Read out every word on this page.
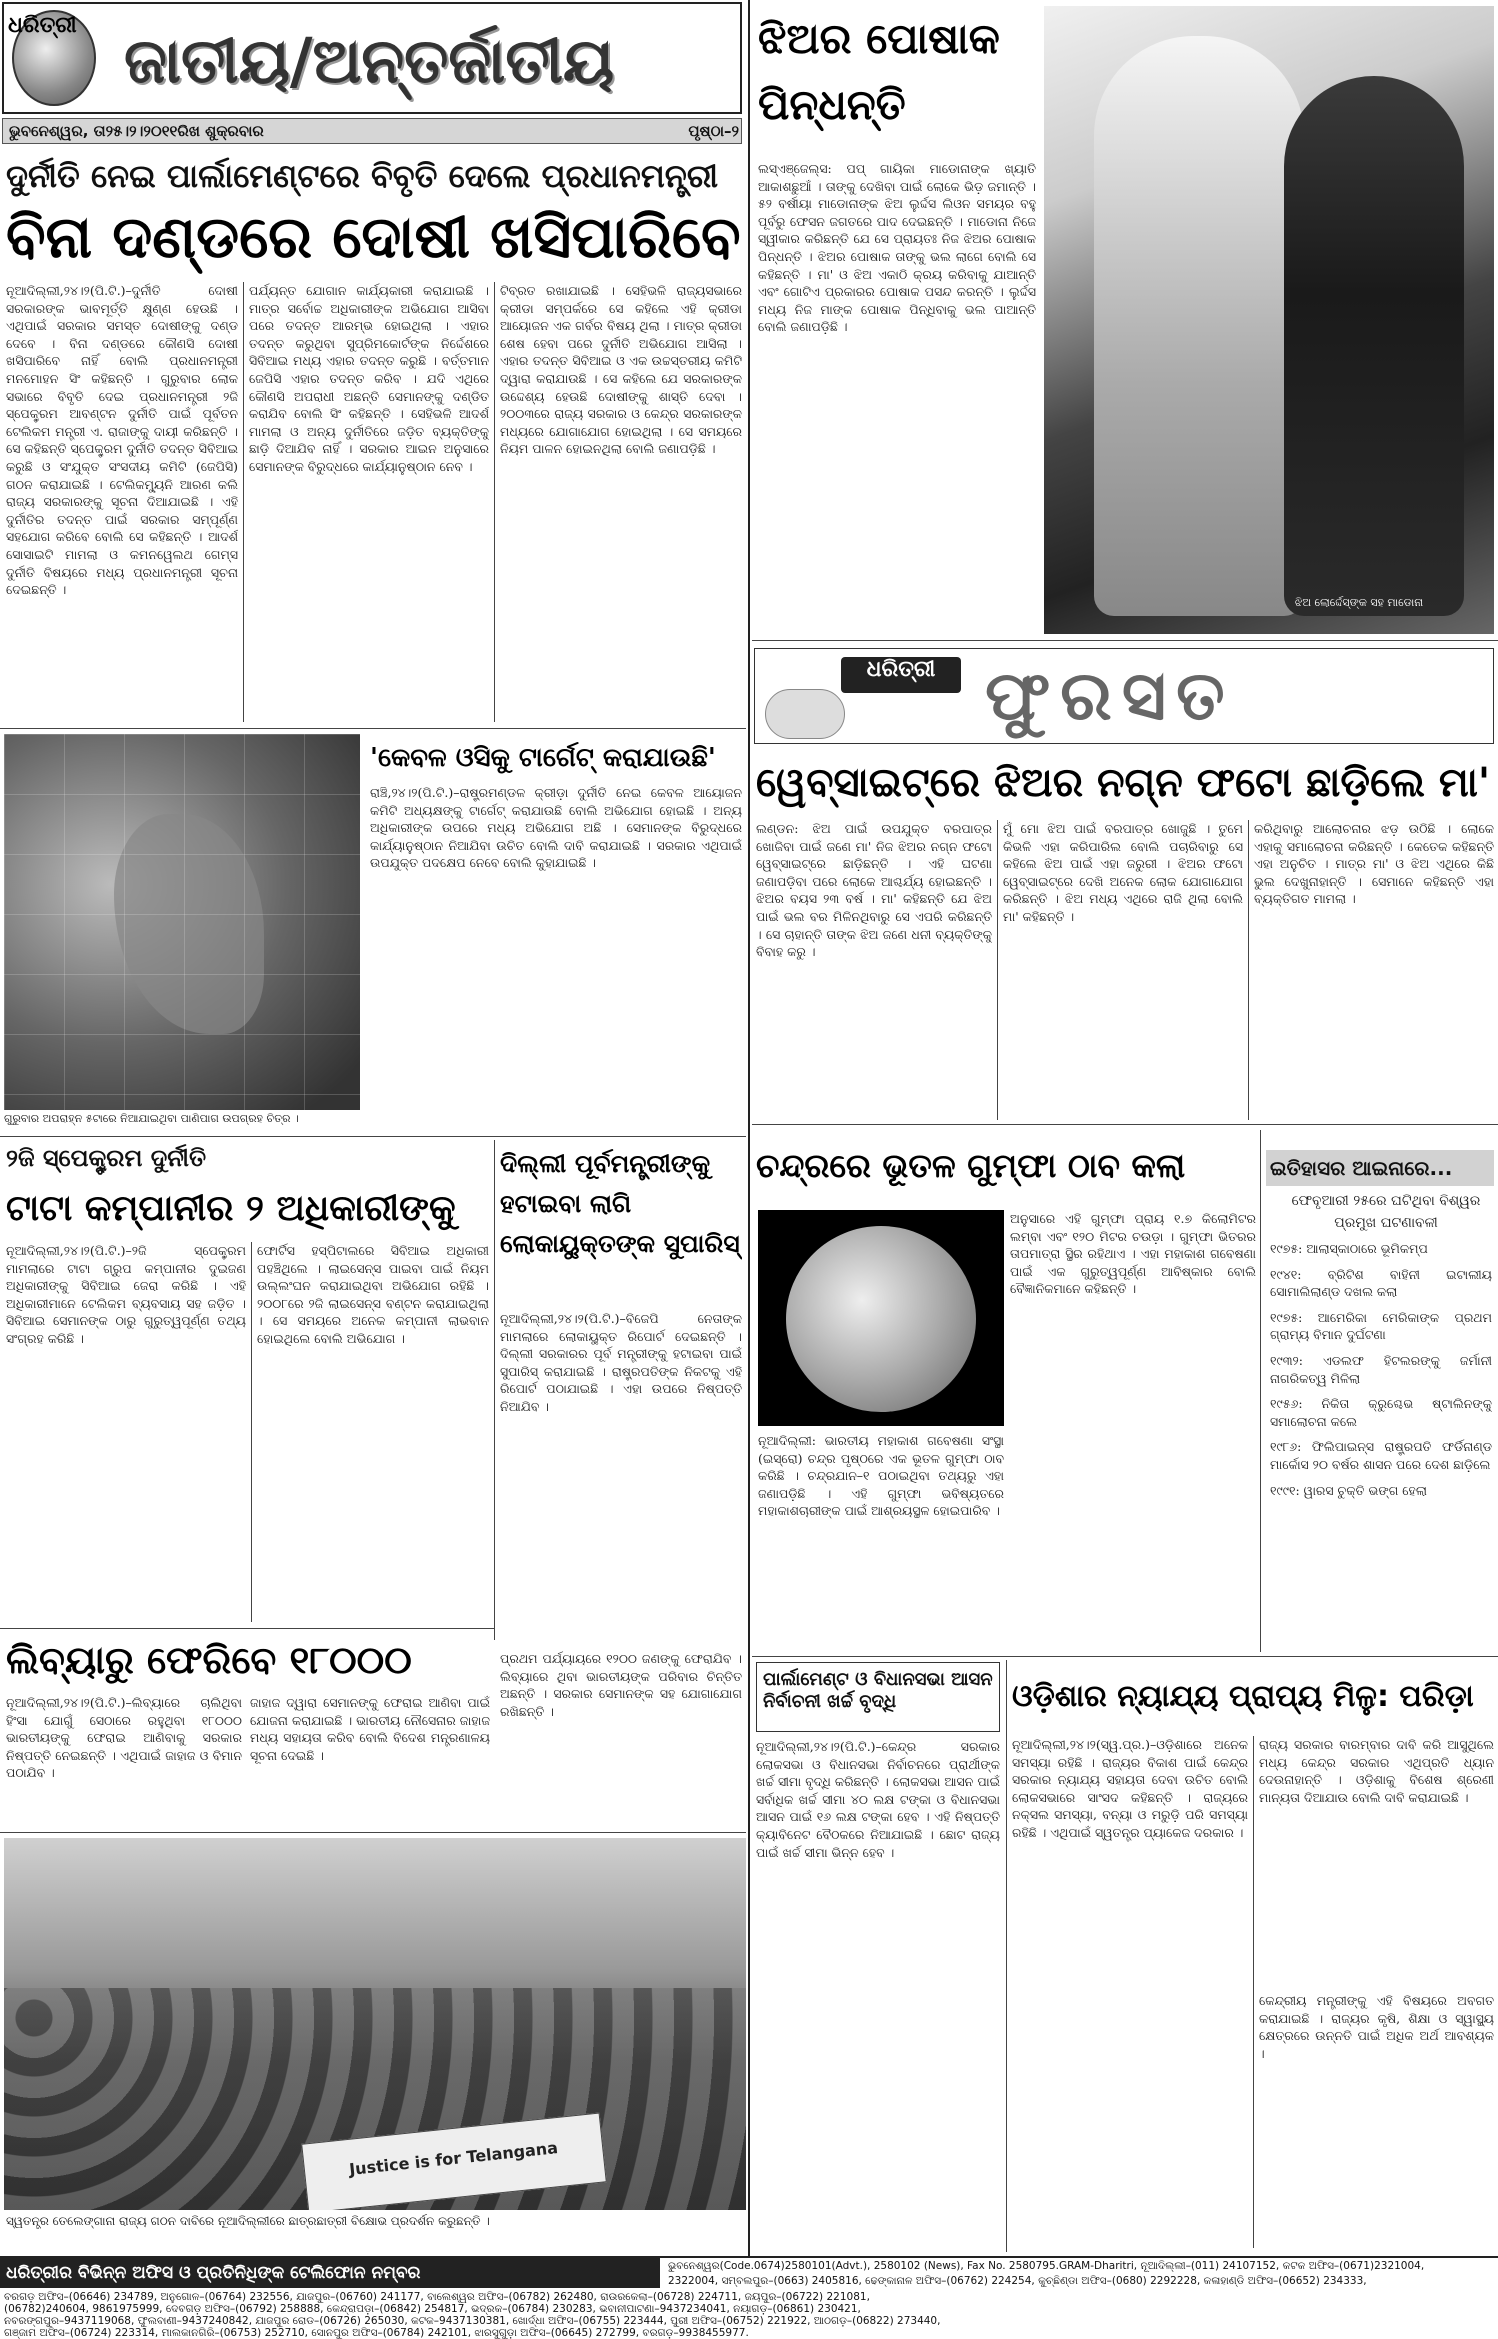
ଧରିତ୍ରୀ ଜାତୀୟ/ଅନ୍ତର୍ଜାତୀୟ
ଭୁବନେଶ୍ୱର, ତା୨୫।୨।୨୦୧୧ରିଖ ଶୁକ୍ରବାର	ପୃଷ୍ଠା–୨
ଦୁର୍ନୀତି ନେଇ ପାର୍ଲାମେଣ୍ଟରେ ବିବୃତି ଦେଲେ ପ୍ରଧାନମନ୍ତ୍ରୀ
ବିନା ଦଣ୍ଡରେ ଦୋଷୀ ଖସିପାରିବେ
ନୂଆଦିଲ୍ଲୀ,୨୪।୨(ପି.ଟି.)–ଦୁର୍ନୀତି ଦୋଷୀ ସରକାରଙ୍କ ଭାବମୂର୍ତ୍ତି କ୍ଷୁଣ୍ଣ ହେଉଛି । ଏଥିପାଇଁ ସରକାର ସମସ୍ତ ଦୋଷୀଙ୍କୁ ଦଣ୍ଡ ଦେବେ । ବିନା ଦଣ୍ଡରେ କୌଣସି ଦୋଷୀ ଖସିପାରିବେ ନାହିଁ ବୋଲି ପ୍ରଧାନମନ୍ତ୍ରୀ ମନମୋହନ ସିଂ କହିଛନ୍ତି । ଗୁରୁବାର ଲୋକ ସଭାରେ ବିବୃତି ଦେଇ ପ୍ରଧାନମନ୍ତ୍ରୀ ୨ଜି ସ୍ପେକ୍ଟ୍ରମ ଆବଣ୍ଟନ ଦୁର୍ନୀତି ପାଇଁ ପୂର୍ବତନ ଟେଲିକମ ମନ୍ତ୍ରୀ ଏ. ରାଜାଙ୍କୁ ଦାୟୀ କରିଛନ୍ତି । ସେ କହିଛନ୍ତି ସ୍ପେକ୍ଟ୍ରମ ଦୁର୍ନୀତି ତଦନ୍ତ ସିବିଆଇ କରୁଛି ଓ ସଂଯୁକ୍ତ ସଂସଦୀୟ କମିଟି (ଜେପିସି) ଗଠନ କରାଯାଇଛି । ଟେଲିକମ୍ୟୁନି ଆରଣ କଲି ରାଜ୍ୟ ସରକାରଙ୍କୁ ସୂଚନା ଦିଆଯାଇଛି । ଏହି ଦୁର୍ନୀତିର ତଦନ୍ତ ପାଇଁ ସରକାର ସମ୍ପୂର୍ଣ୍ଣ ସହଯୋଗ କରିବେ ବୋଲି ସେ କହିଛନ୍ତି । ଆଦର୍ଶ ସୋସାଇଟି ମାମଲା ଓ କମନୱେଲଥ ଗେମ୍ସ ଦୁର୍ନୀତି ବିଷୟରେ ମଧ୍ୟ ପ୍ରଧାନମନ୍ତ୍ରୀ ସୂଚନା ଦେଇଛନ୍ତି ।
ପର୍ଯ୍ୟନ୍ତ ଯୋଗାନ କାର୍ଯ୍ୟକାରୀ କରାଯାଇଛି । ମାତ୍ର ସର୍ବୋଚ୍ଚ ଅଧିକାରୀଙ୍କ ଅଭିଯୋଗ ଆସିବା ପରେ ତଦନ୍ତ ଆରମ୍ଭ ହୋଇଥିଲା । ଏହାର ତଦନ୍ତ କରୁଥିବା ସୁପ୍ରିମକୋର୍ଟଙ୍କ ନିର୍ଦ୍ଦେଶରେ ସିବିଆଇ ମଧ୍ୟ ଏହାର ତଦନ୍ତ କରୁଛି । ବର୍ତ୍ତମାନ ଜେପିସି ଏହାର ତଦନ୍ତ କରିବ । ଯଦି ଏଥିରେ କୌଣସି ଅପରାଧୀ ଅଛନ୍ତି ସେମାନଙ୍କୁ ଦଣ୍ଡିତ କରାଯିବ ବୋଲି ସିଂ କହିଛନ୍ତି । ସେହିଭଳି ଆଦର୍ଶ ମାମଲା ଓ ଅନ୍ୟ ଦୁର୍ନୀତିରେ ଜଡ଼ିତ ବ୍ୟକ୍ତିଙ୍କୁ ଛାଡ଼ି ଦିଆଯିବ ନାହିଁ । ସରକାର ଆଇନ ଅନୁସାରେ ସେମାନଙ୍କ ବିରୁଦ୍ଧରେ କାର୍ଯ୍ୟାନୁଷ୍ଠାନ ନେବ ।
ଟିବ୍ରତ ରଖାଯାଇଛି । ସେହିଭଳି ରାଜ୍ୟସଭାରେ କ୍ରୀଡା ସମ୍ପର୍କରେ ସେ କହିଲେ ଏହି କ୍ରୀଡା ଆୟୋଜନ ଏକ ଗର୍ବର ବିଷୟ ଥିଲା । ମାତ୍ର କ୍ରୀଡା ଶେଷ ହେବା ପରେ ଦୁର୍ନୀତି ଅଭିଯୋଗ ଆସିଲା । ଏହାର ତଦନ୍ତ ସିବିଆଇ ଓ ଏକ ଉଚ୍ଚସ୍ତରୀୟ କମିଟି ଦ୍ୱାରା କରାଯାଉଛି । ସେ କହିଲେ ଯେ ସରକାରଙ୍କ ଉଦ୍ଦେଶ୍ୟ ହେଉଛି ଦୋଷୀଙ୍କୁ ଶାସ୍ତି ଦେବା । ୨୦୦୩ରେ ରାଜ୍ୟ ସରକାର ଓ କେନ୍ଦ୍ର ସରକାରଙ୍କ ମଧ୍ୟରେ ଯୋଗାଯୋଗ ହୋଇଥିଲା । ସେ ସମୟରେ ନିୟମ ପାଳନ ହୋଇନଥିଲା ବୋଲି ଜଣାପଡ଼ିଛି ।
ଝିଅର ପୋଷାକ ପିନ୍ଧନ୍ତି
ଲସ୍ଏଞ୍ଜେଲ୍ସ: ପପ୍ ଗାୟିକା ମାଡୋନାଙ୍କ ଖ୍ୟାତି ଆକାଶଛୁଆଁ । ତାଙ୍କୁ ଦେଖିବା ପାଇଁ ଲୋକେ ଭିଡ଼ ଜମାନ୍ତି । ୫୨ ବର୍ଷୀୟା ମାଡୋନାଙ୍କ ଝିଅ ଲୁର୍ଦ୍ଦସ ଲିଓନ ସମୟର ବହୁ ପୂର୍ବରୁ ଫେସନ ଜଗତରେ ପାଦ ଦେଇଛନ୍ତି । ମାଡୋନା ନିଜେ ସ୍ୱୀକାର କରିଛନ୍ତି ଯେ ସେ ପ୍ରାୟତଃ ନିଜ ଝିଅର ପୋଷାକ ପିନ୍ଧନ୍ତି । ଝିଅର ପୋଷାକ ତାଙ୍କୁ ଭଲ ଲାଗେ ବୋଲି ସେ କହିଛନ୍ତି । ମା' ଓ ଝିଅ ଏକାଠି କ୍ରୟ କରିବାକୁ ଯାଆନ୍ତି ଏବଂ ଗୋଟିଏ ପ୍ରକାରର ପୋଷାକ ପସନ୍ଦ କରନ୍ତି । ଲୁର୍ଦ୍ଦସ ମଧ୍ୟ ନିଜ ମାଙ୍କ ପୋଷାକ ପିନ୍ଧିବାକୁ ଭଲ ପାଆନ୍ତି ବୋଲି ଜଣାପଡ଼ିଛି ।
ଝିଅ ଲୋର୍ଦ୍ଦେସ୍‌ଙ୍କ ସହ ମାଡୋନା
ଧରିତ୍ରୀ ଫୁରସତ
ୱେବ୍‌ସାଇଟ୍‌ରେ ଝିଅର ନଗ୍ନ ଫଟୋ ଛାଡ଼ିଲେ ମା'
ଲଣ୍ଡନ: ଝିଅ ପାଇଁ ଉପଯୁକ୍ତ ବରପାତ୍ର ଖୋଜିବା ପାଇଁ ଜଣେ ମା' ନିଜ ଝିଅର ନଗ୍ନ ଫଟୋ ୱେବ୍‌ସାଇଟ୍‌ରେ ଛାଡ଼ିଛନ୍ତି । ଏହି ଘଟଣା ଜଣାପଡ଼ିବା ପରେ ଲୋକେ ଆଶ୍ଚର୍ଯ୍ୟ ହୋଇଛନ୍ତି । ଝିଅର ବୟସ ୨୩ ବର୍ଷ । ମା' କହିଛନ୍ତି ଯେ ଝିଅ ପାଇଁ ଭଲ ବର ମିଳିନଥିବାରୁ ସେ ଏପରି କରିଛନ୍ତି । ସେ ଚାହାନ୍ତି ତାଙ୍କ ଝିଅ ଜଣେ ଧନୀ ବ୍ୟକ୍ତିଙ୍କୁ ବିବାହ କରୁ ।
ମୁଁ ମୋ ଝିଅ ପାଇଁ ବରପାତ୍ର ଖୋଜୁଛି । ତୁମେ କିଭଳି ଏହା କରିପାରିଲ ବୋଲି ପଚାରିବାରୁ ସେ କହିଲେ ଝିଅ ପାଇଁ ଏହା ଜରୁରୀ । ଝିଅର ଫଟୋ ୱେବ୍‌ସାଇଟ୍‌ରେ ଦେଖି ଅନେକ ଲୋକ ଯୋଗାଯୋଗ କରିଛନ୍ତି । ଝିଅ ମଧ୍ୟ ଏଥିରେ ରାଜି ଥିଲା ବୋଲି ମା' କହିଛନ୍ତି ।
କରିଥିବାରୁ ଆଲୋଚନାର ଝଡ଼ ଉଠିଛି । ଲୋକେ ଏହାକୁ ସମାଲୋଚନା କରିଛନ୍ତି । କେତେକ କହିଛନ୍ତି ଏହା ଅନୁଚିତ । ମାତ୍ର ମା' ଓ ଝିଅ ଏଥିରେ କିଛି ଭୁଲ ଦେଖୁନାହାନ୍ତି । ସେମାନେ କହିଛନ୍ତି ଏହା ବ୍ୟକ୍ତିଗତ ମାମଲା ।
ଗୁରୁବାର ଅପରାହ୍ନ ୫ଟାରେ ନିଆଯାଇଥିବା ପାଣିପାଗ ଉପଗ୍ରହ ଚିତ୍ର ।
'କେବଳ ଓସିକୁ ଟାର୍ଗେଟ୍ କରାଯାଉଛି'
ରାଞ୍ଚି,୨୪।୨(ପି.ଟି.)–ରାଷ୍ଟ୍ରମଣ୍ଡଳ କ୍ରୀଡ଼ା ଦୁର୍ନୀତି ନେଇ କେବଳ ଆୟୋଜନ କମିଟି ଅଧ୍ୟକ୍ଷଙ୍କୁ ଟାର୍ଗେଟ୍ କରାଯାଉଛି ବୋଲି ଅଭିଯୋଗ ହୋଇଛି । ଅନ୍ୟ ଅଧିକାରୀଙ୍କ ଉପରେ ମଧ୍ୟ ଅଭିଯୋଗ ଅଛି । ସେମାନଙ୍କ ବିରୁଦ୍ଧରେ କାର୍ଯ୍ୟାନୁଷ୍ଠାନ ନିଆଯିବା ଉଚିତ ବୋଲି ଦାବି କରାଯାଇଛି । ସରକାର ଏଥିପାଇଁ ଉପଯୁକ୍ତ ପଦକ୍ଷେପ ନେବେ ବୋଲି କୁହାଯାଇଛି ।
୨ଜି ସ୍ପେକ୍ଟ୍ରମ ଦୁର୍ନୀତି
ଟାଟା କମ୍ପାନୀର ୨ ଅଧିକାରୀଙ୍କୁ
ନୂଆଦିଲ୍ଲୀ,୨୪।୨(ପି.ଟି.)–୨ଜି ସ୍ପେକ୍ଟ୍ରମ ମାମଲାରେ ଟାଟା ଗ୍ରୁପ କମ୍ପାନୀର ଦୁଇଜଣ ଅଧିକାରୀଙ୍କୁ ସିବିଆଇ ଜେରା କରିଛି । ଏହି ଅଧିକାରୀମାନେ ଟେଲିକମ ବ୍ୟବସାୟ ସହ ଜଡ଼ିତ । ସିବିଆଇ ସେମାନଙ୍କ ଠାରୁ ଗୁରୁତ୍ୱପୂର୍ଣ୍ଣ ତଥ୍ୟ ସଂଗ୍ରହ କରିଛି ।
ଫୋର୍ଟିସ ହସ୍ପିଟାଲରେ ସିବିଆଇ ଅଧିକାରୀ ପହଞ୍ଚିଥିଲେ । ଲାଇସେନ୍ସ ପାଇବା ପାଇଁ ନିୟମ ଉଲ୍ଲଂଘନ କରାଯାଇଥିବା ଅଭିଯୋଗ ରହିଛି । ୨୦୦୮ରେ ୨ଜି ଲାଇସେନ୍ସ ବଣ୍ଟନ କରାଯାଇଥିଲା । ସେ ସମୟରେ ଅନେକ କମ୍ପାନୀ ଲାଭବାନ ହୋଇଥିଲେ ବୋଲି ଅଭିଯୋଗ ।
ଦିଲ୍ଲୀ ପୂର୍ବମନ୍ତ୍ରୀଙ୍କୁ ହଟାଇବା ଲାଗି ଲୋକାୟୁକ୍ତଙ୍କ ସୁପାରିସ୍
ନୂଆଦିଲ୍ଲୀ,୨୪।୨(ପି.ଟି.)–ବିଜେପି ନେତାଙ୍କ ମାମଲାରେ ଲୋକାୟୁକ୍ତ ରିପୋର୍ଟ ଦେଇଛନ୍ତି । ଦିଲ୍ଲୀ ସରକାରର ପୂର୍ବ ମନ୍ତ୍ରୀଙ୍କୁ ହଟାଇବା ପାଇଁ ସୁପାରିସ୍ କରାଯାଇଛି । ରାଷ୍ଟ୍ରପତିଙ୍କ ନିକଟକୁ ଏହି ରିପୋର୍ଟ ପଠାଯାଇଛି । ଏହା ଉପରେ ନିଷ୍ପତ୍ତି ନିଆଯିବ ।
ଲିବ୍ୟାରୁ ଫେରିବେ ୧୮୦୦୦
ନୂଆଦିଲ୍ଲୀ,୨୪।୨(ପି.ଟି.)–ଲିବ୍ୟାରେ ଚାଲିଥିବା ହିଂସା ଯୋଗୁଁ ସେଠାରେ ରହୁଥିବା ୧୮୦୦୦ ଭାରତୀୟଙ୍କୁ ଫେରାଇ ଆଣିବାକୁ ସରକାର ନିଷ୍ପତ୍ତି ନେଇଛନ୍ତି । ଏଥିପାଇଁ ଜାହାଜ ଓ ବିମାନ ପଠାଯିବ ।
ଜାହାଜ ଦ୍ୱାରା ସେମାନଙ୍କୁ ଫେରାଇ ଆଣିବା ପାଇଁ ଯୋଜନା କରାଯାଇଛି । ଭାରତୀୟ ନୌସେନାର ଜାହାଜ ମଧ୍ୟ ସହାୟତା କରିବ ବୋଲି ବିଦେଶ ମନ୍ତ୍ରଣାଳୟ ସୂଚନା ଦେଇଛି ।
ପ୍ରଥମ ପର୍ଯ୍ୟାୟରେ ୧୨୦୦ ଜଣଙ୍କୁ ଫେରାଯିବ । ଲିବ୍ୟାରେ ଥିବା ଭାରତୀୟଙ୍କ ପରିବାର ଚିନ୍ତିତ ଅଛନ୍ତି । ସରକାର ସେମାନଙ୍କ ସହ ଯୋଗାଯୋଗ ରଖିଛନ୍ତି ।
Justice is for Telangana
ସ୍ୱତନ୍ତ୍ର ତେଲେଙ୍ଗାନା ରାଜ୍ୟ ଗଠନ ଦାବିରେ ନୂଆଦିଲ୍ଲୀରେ ଛାତ୍ରଛାତ୍ରୀ ବିକ୍ଷୋଭ ପ୍ରଦର୍ଶନ କରୁଛନ୍ତି ।
ଚନ୍ଦ୍ରରେ ଭୂତଳ ଗୁମ୍ଫା ଠାବ କଲା
ନୂଆଦିଲ୍ଲୀ: ଭାରତୀୟ ମହାକାଶ ଗବେଷଣା ସଂସ୍ଥା (ଇସ୍ରୋ) ଚନ୍ଦ୍ର ପୃଷ୍ଠରେ ଏକ ଭୂତଳ ଗୁମ୍ଫା ଠାବ କରିଛି । ଚନ୍ଦ୍ରଯାନ–୧ ପଠାଇଥିବା ତଥ୍ୟରୁ ଏହା ଜଣାପଡ଼ିଛି । ଏହି ଗୁମ୍ଫା ଭବିଷ୍ୟତରେ ମହାକାଶଚାରୀଙ୍କ ପାଇଁ ଆଶ୍ରୟସ୍ଥଳ ହୋଇପାରିବ ।
ଅନୁସାରେ ଏହି ଗୁମ୍ଫା ପ୍ରାୟ ୧.୭ କିଲୋମିଟର ଲମ୍ବା ଏବଂ ୧୨୦ ମିଟର ଚଉଡ଼ା । ଗୁମ୍ଫା ଭିତରର ତାପମାତ୍ରା ସ୍ଥିର ରହିଥାଏ । ଏହା ମହାକାଶ ଗବେଷଣା ପାଇଁ ଏକ ଗୁରୁତ୍ୱପୂର୍ଣ୍ଣ ଆବିଷ୍କାର ବୋଲି ବୈଜ୍ଞାନିକମାନେ କହିଛନ୍ତି ।
ଇତିହାସର ଆଇନାରେ...
ଫେବୃଆରୀ ୨୫ରେ ଘଟିଥିବା ବିଶ୍ୱର ପ୍ରମୁଖ ଘଟଣାବଳୀ
୧୯୭୫: ଆଲାସ୍କାଠାରେ ଭୂମିକମ୍ପ
୧୯୪୧: ବ୍ରିଟିଶ ବାହିନୀ ଇଟାଲୀୟ ସୋମାଲିଲାଣ୍ଡ ଦଖଲ କଲା
୧୯୭୫: ଆମେରିକା ମେରିକାଙ୍କ ପ୍ରଥମ ଗ୍ରାମ୍ୟ ବିମାନ ଦୁର୍ଘଟଣା
୧୯୩୨: ଏଡଲଫ ହିଟଲରଙ୍କୁ ଜର୍ମାନୀ ନାଗରିକତ୍ୱ ମିଳିଲା
୧୯୫୬: ନିକିତା କ୍ରୁଶ୍ଚେଭ ଷ୍ଟାଲିନଙ୍କୁ ସମାଲୋଚନା କଲେ
୧୯୮୬: ଫିଲିପାଇନ୍ସ ରାଷ୍ଟ୍ରପତି ଫର୍ଡିନାଣ୍ଡ ମାର୍କୋସ ୨୦ ବର୍ଷର ଶାସନ ପରେ ଦେଶ ଛାଡ଼ିଲେ
୧୯୯୧: ୱାରସ ଚୁକ୍ତି ଭଙ୍ଗ ହେଲା
ପାର୍ଲାମେଣ୍ଟ ଓ ବିଧାନସଭା ଆସନ ନିର୍ବାଚନୀ ଖର୍ଚ୍ଚ ବୃଦ୍ଧି
ନୂଆଦିଲ୍ଲୀ,୨୪।୨(ପି.ଟି.)–କେନ୍ଦ୍ର ସରକାର ଲୋକସଭା ଓ ବିଧାନସଭା ନିର୍ବାଚନରେ ପ୍ରାର୍ଥୀଙ୍କ ଖର୍ଚ୍ଚ ସୀମା ବୃଦ୍ଧି କରିଛନ୍ତି । ଲୋକସଭା ଆସନ ପାଇଁ ସର୍ବାଧିକ ଖର୍ଚ୍ଚ ସୀମା ୪୦ ଲକ୍ଷ ଟଙ୍କା ଓ ବିଧାନସଭା ଆସନ ପାଇଁ ୧୬ ଲକ୍ଷ ଟଙ୍କା ହେବ । ଏହି ନିଷ୍ପତ୍ତି କ୍ୟାବିନେଟ ବୈଠକରେ ନିଆଯାଇଛି । ଛୋଟ ରାଜ୍ୟ ପାଇଁ ଖର୍ଚ୍ଚ ସୀମା ଭିନ୍ନ ହେବ ।
ଓଡ଼ିଶାର ନ୍ୟାଯ୍ୟ ପ୍ରାପ୍ୟ ମିଳୁ: ପରିଡ଼ା
ନୂଆଦିଲ୍ଲୀ,୨୪।୨(ସ୍ୱ.ପ୍ର.)–ଓଡ଼ିଶାରେ ଅନେକ ସମସ୍ୟା ରହିଛି । ରାଜ୍ୟର ବିକାଶ ପାଇଁ କେନ୍ଦ୍ର ସରକାର ନ୍ୟାଯ୍ୟ ସହାୟତା ଦେବା ଉଚିତ ବୋଲି ଲୋକସଭାରେ ସାଂସଦ କହିଛନ୍ତି । ରାଜ୍ୟରେ ନକ୍ସଲ ସମସ୍ୟା, ବନ୍ୟା ଓ ମରୁଡ଼ି ପରି ସମସ୍ୟା ରହିଛି । ଏଥିପାଇଁ ସ୍ୱତନ୍ତ୍ର ପ୍ୟାକେଜ ଦରକାର ।
ରାଜ୍ୟ ସରକାର ବାରମ୍ବାର ଦାବି କରି ଆସୁଥିଲେ ମଧ୍ୟ କେନ୍ଦ୍ର ସରକାର ଏଥିପ୍ରତି ଧ୍ୟାନ ଦେଉନାହାନ୍ତି । ଓଡ଼ିଶାକୁ ବିଶେଷ ଶ୍ରେଣୀ ମାନ୍ୟତା ଦିଆଯାଉ ବୋଲି ଦାବି କରାଯାଇଛି ।
କେନ୍ଦ୍ରୀୟ ମନ୍ତ୍ରୀଙ୍କୁ ଏହି ବିଷୟରେ ଅବଗତ କରାଯାଇଛି । ରାଜ୍ୟର କୃଷି, ଶିକ୍ଷା ଓ ସ୍ୱାସ୍ଥ୍ୟ କ୍ଷେତ୍ରରେ ଉନ୍ନତି ପାଇଁ ଅଧିକ ଅର୍ଥ ଆବଶ୍ୟକ ।
ଧରିତ୍ରୀର ବିଭିନ୍ନ ଅଫିସ ଓ ପ୍ରତିନିଧିଙ୍କ ଟେଲିଫୋନ ନମ୍ବର	ଭୁବନେଶ୍ୱର(Code.0674)2580101(Advt.), 2580102 (News), Fax No. 2580795.GRAM-Dharitri, ନୂଆଦିଲ୍ଲୀ–(011) 24107152, କଟକ ଅଫିସ–(0671)2321004,
2322004, ସମ୍ବଲପୁର–(0663) 2405816, ଢେଙ୍କାନାଳ ଅଫିସ–(06762) 224254, କୁଚ୍ଛିଣ୍ଡା ଅଫିସ–(0680) 2292228, କଳାହାଣ୍ଡି ଅଫିସ–(06652) 234333,
ବରଗଡ଼ ଅଫିସ–(06646) 234789, ଅନୁଗୋଳ–(06764) 232556, ଯାଜପୁର–(06760) 241177, ବାଲେଶ୍ୱର ଅଫିସ–(06782) 262480, ରାଉରକେଲା–(06728) 224711, ଜୟପୁର–(06722) 221081,
(06782)240604, 9861975999, ଦେବଗଡ଼ ଅଫିସ–(06792) 258888, କେନ୍ଦ୍ରାପଡ଼ା–(06842) 254817, ଭଦ୍ରକ–(06784) 230283, ଭବାନୀପାଟଣା–9437234041, ନୟାଗଡ଼–(06861) 230421,
ନବରଙ୍ଗପୁର–9437119068, ଫୁଲବାଣୀ–9437240842, ଯାଜପୁର ରୋଡ–(06726) 265030, କଟକ–9437130381, ଖୋର୍ଦ୍ଧା ଅଫିସ–(06755) 223444, ପୁରୀ ଅଫିସ–(06752) 221922, ଆଠଗଡ଼–(06822) 273440,
ଗଞ୍ଜାମ ଅଫିସ–(06724) 223314, ମାଲକାନଗିରି–(06753) 252710, ସୋନପୁର ଅଫିସ–(06784) 242101, ଝାରସୁଗୁଡ଼ା ଅଫିସ–(06645) 272799, ବରଗଡ଼–9938455977.
